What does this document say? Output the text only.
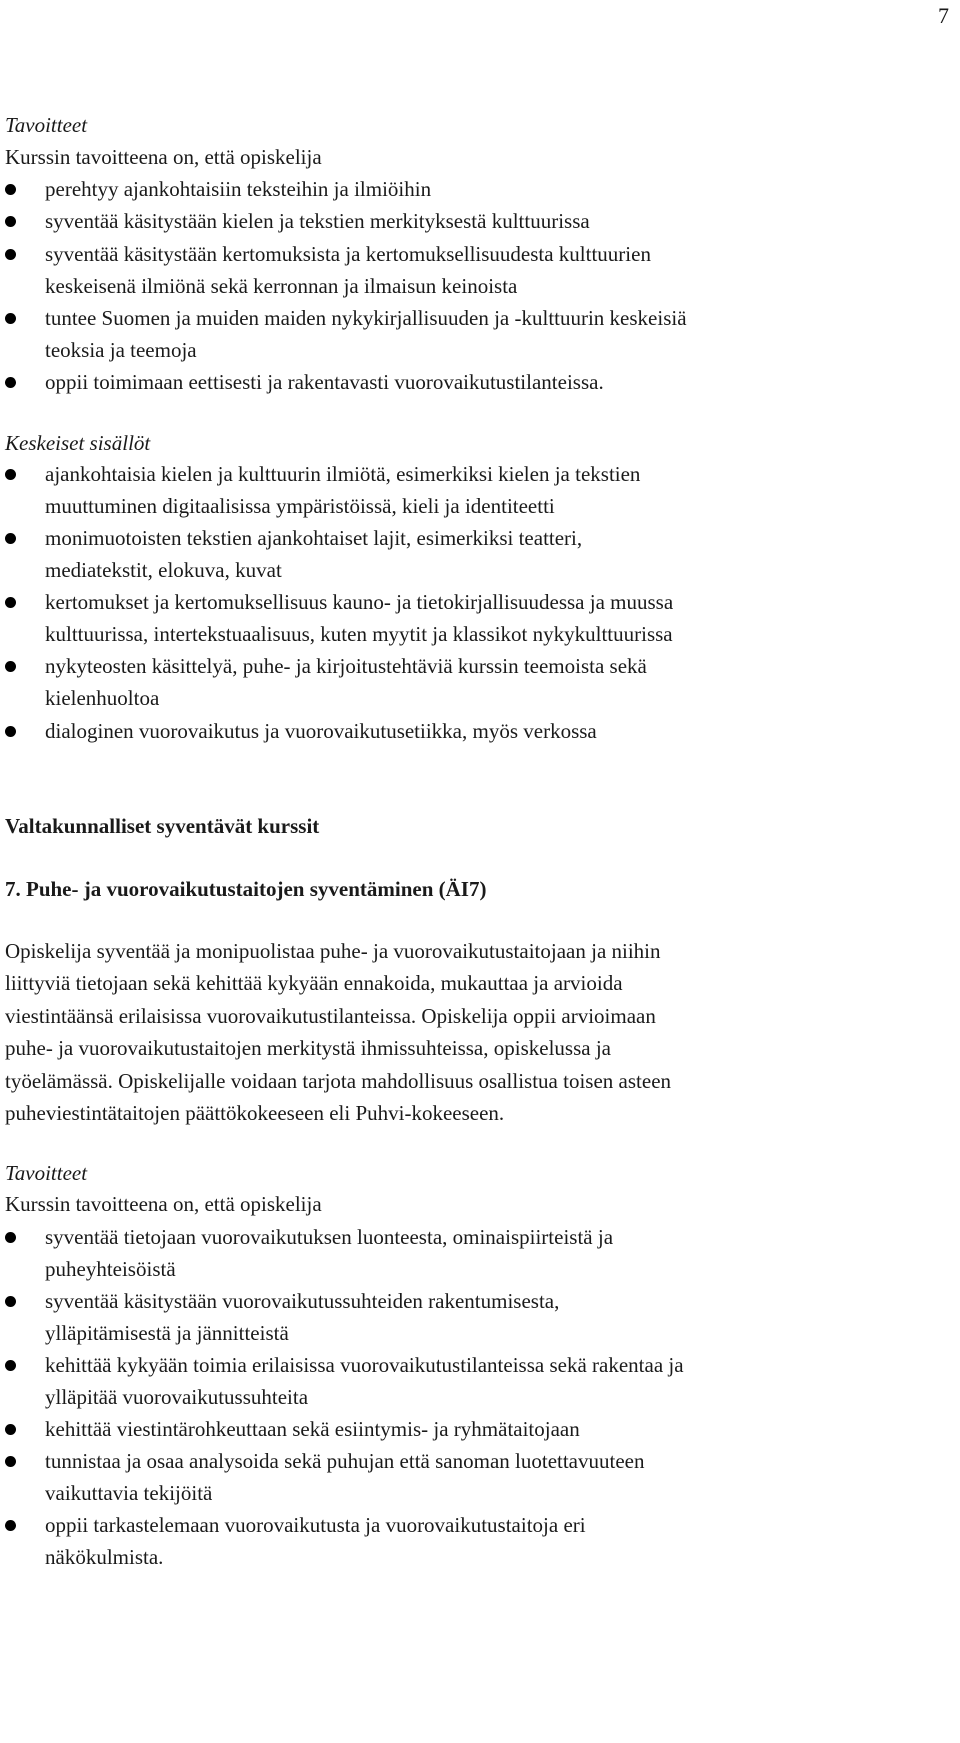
7
Tavoitteet
Kurssin tavoitteena on, että opiskelija
perehtyy ajankohtaisiin teksteihin ja ilmiöihin
syventää käsitystään kielen ja tekstien merkityksestä kulttuurissa
syventää käsitystään kertomuksista ja kertomuksellisuudesta kulttuurien
keskeisenä ilmiönä sekä kerronnan ja ilmaisun keinoista
tuntee Suomen ja muiden maiden nykykirjallisuuden ja -kulttuurin keskeisiä
teoksia ja teemoja
oppii toimimaan eettisesti ja rakentavasti vuorovaikutustilanteissa.
Keskeiset sisällöt
ajankohtaisia kielen ja kulttuurin ilmiötä, esimerkiksi kielen ja tekstien
muuttuminen digitaalisissa ympäristöissä, kieli ja identiteetti
monimuotoisten tekstien ajankohtaiset lajit, esimerkiksi teatteri,
mediatekstit, elokuva, kuvat
kertomukset ja kertomuksellisuus kauno- ja tietokirjallisuudessa ja muussa
kulttuurissa, intertekstuaalisuus, kuten myytit ja klassikot nykykulttuurissa
nykyteosten käsittelyä, puhe- ja kirjoitustehtäviä kurssin teemoista sekä
kielenhuoltoa
dialoginen vuorovaikutus ja vuorovaikutusetiikka, myös verkossa
Valtakunnalliset syventävät kurssit
7. Puhe- ja vuorovaikutustaitojen syventäminen (ÄI7)
Opiskelija syventää ja monipuolistaa puhe- ja vuorovaikutustaitojaan ja niihin
liittyviä tietojaan sekä kehittää kykyään ennakoida, mukauttaa ja arvioida
viestintäänsä erilaisissa vuorovaikutustilanteissa. Opiskelija oppii arvioimaan
puhe- ja vuorovaikutustaitojen merkitystä ihmissuhteissa, opiskelussa ja
työelämässä. Opiskelijalle voidaan tarjota mahdollisuus osallistua toisen asteen
puheviestintätaitojen päättökokeeseen eli Puhvi-kokeeseen.
Tavoitteet
Kurssin tavoitteena on, että opiskelija
syventää tietojaan vuorovaikutuksen luonteesta, ominaispiirteistä ja
puheyhteisöistä
syventää käsitystään vuorovaikutussuhteiden rakentumisesta,
ylläpitämisestä ja jännitteistä
kehittää kykyään toimia erilaisissa vuorovaikutustilanteissa sekä rakentaa ja
ylläpitää vuorovaikutussuhteita
kehittää viestintärohkeuttaan sekä esiintymis- ja ryhmätaitojaan
tunnistaa ja osaa analysoida sekä puhujan että sanoman luotettavuuteen
vaikuttavia tekijöitä
oppii tarkastelemaan vuorovaikutusta ja vuorovaikutustaitoja eri
näkökulmista.
